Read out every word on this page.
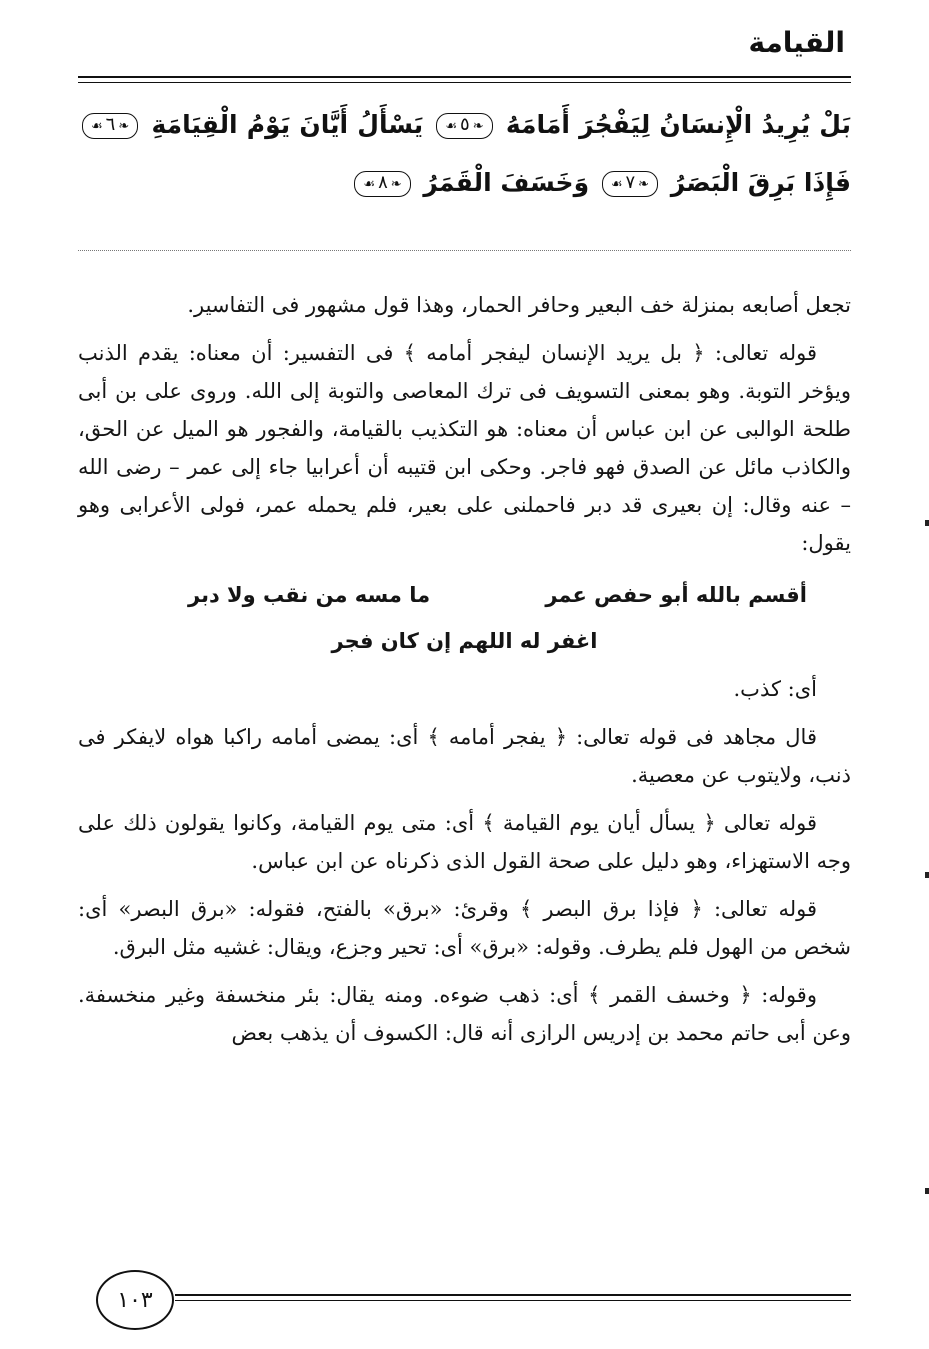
القيامة
بَلْ يُرِيدُ الْإِنسَانُ لِيَفْجُرَ أَمَامَهُ ❧ ٥ ☙ يَسْأَلُ أَيَّانَ يَوْمُ الْقِيَامَةِ ❧ ٦ ☙ فَإِذَا بَرِقَ الْبَصَرُ ❧ ٧ ☙ وَخَسَفَ الْقَمَرُ ❧ ٨ ☙

تجعل أصابعه بمنزلة خف البعير وحافر الحمار، وهذا قول مشهور فى التفاسير.

قوله تعالى: ﴿ بل يريد الإنسان ليفجر أمامه ﴾ فى التفسير: أن معناه: يقدم الذنب ويؤخر التوبة. وهو بمعنى التسويف فى ترك المعاصى والتوبة إلى الله. وروى على بن أبى طلحة الوالبى عن ابن عباس أن معناه: هو التكذيب بالقيامة، والفجور هو الميل عن الحق، والكاذب مائل عن الصدق فهو فاجر. وحكى ابن قتيبه أن أعرابيا جاء إلى عمر – رضى الله – عنه وقال: إن بعيرى قد دبر فاحملنى على بعير، فلم يحمله عمر، فولى الأعرابى وهو يقول:

أقسم بالله أبو حفص عمر
ما مسه من نقب ولا دبر
اغفر له اللهم إن كان فجر

أى: كذب.

قال مجاهد فى قوله تعالى: ﴿ يفجر أمامه ﴾ أى: يمضى أمامه راكبا هواه لايفكر فى ذنب، ولايتوب عن معصية.

قوله تعالى ﴿ يسأل أيان يوم القيامة ﴾ أى: متى يوم القيامة، وكانوا يقولون ذلك على وجه الاستهزاء، وهو دليل على صحة القول الذى ذكرناه عن ابن عباس.

قوله تعالى: ﴿ فإذا برق البصر ﴾ وقرئ: «برق» بالفتح، فقوله: «برق البصر» أى: شخص من الهول فلم يطرف. وقوله: «برق» أى: تحير وجزع، ويقال: غشيه مثل البرق.

وقوله: ﴿ وخسف القمر ﴾ أى: ذهب ضوءه. ومنه يقال: بئر منخسفة وغير منخسفة. وعن أبى حاتم محمد بن إدريس الرازى أنه قال: الكسوف أن يذهب بعض

١٠٣
